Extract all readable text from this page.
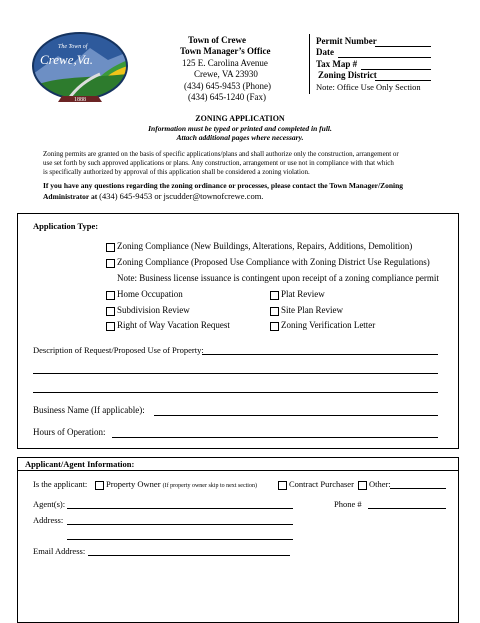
The Town of
Crewe,Va.
1888
Town of Crewe
Town Manager’s Office
125 E. Carolina Avenue
Crewe, VA 23930
(434) 645-9453 (Phone)
(434) 645-1240 (Fax)
Permit Number
Date
Tax Map #
Zoning District
Note: Office Use Only Section
ZONING APPLICATION
Information must be typed or printed and completed in full.
Attach additional pages where necessary.
Zoning permits are granted on the basis of specific applications/plans and shall authorize only the construction, arrangement or
use set forth by such approved applications or plans. Any construction, arrangement or use not in compliance with that which
is specifically authorized by approval of this application shall be considered a zoning violation.
If you have any questions regarding the zoning ordinance or processes, please contact the Town Manager/Zoning
Administrator at (434) 645-9453 or jscudder@townofcrewe.com.
Application Type:
Zoning Compliance (New Buildings, Alterations, Repairs, Additions, Demolition)
Zoning Compliance (Proposed Use Compliance with Zoning District Use Regulations)
Note: Business license issuance is contingent upon receipt of a zoning compliance permit
Home Occupation	Plat Review
Subdivision Review	Site Plan Review
Right of Way Vacation Request	Zoning Verification Letter
Description of Request/Proposed Use of Property:
Business Name (If applicable):
Hours of Operation:
Applicant/Agent Information:
Is the applicant: Property Owner (If property owner skip to next section)	Contract Purchaser Other:
Agent(s):	Phone #
Address:
Email Address:
